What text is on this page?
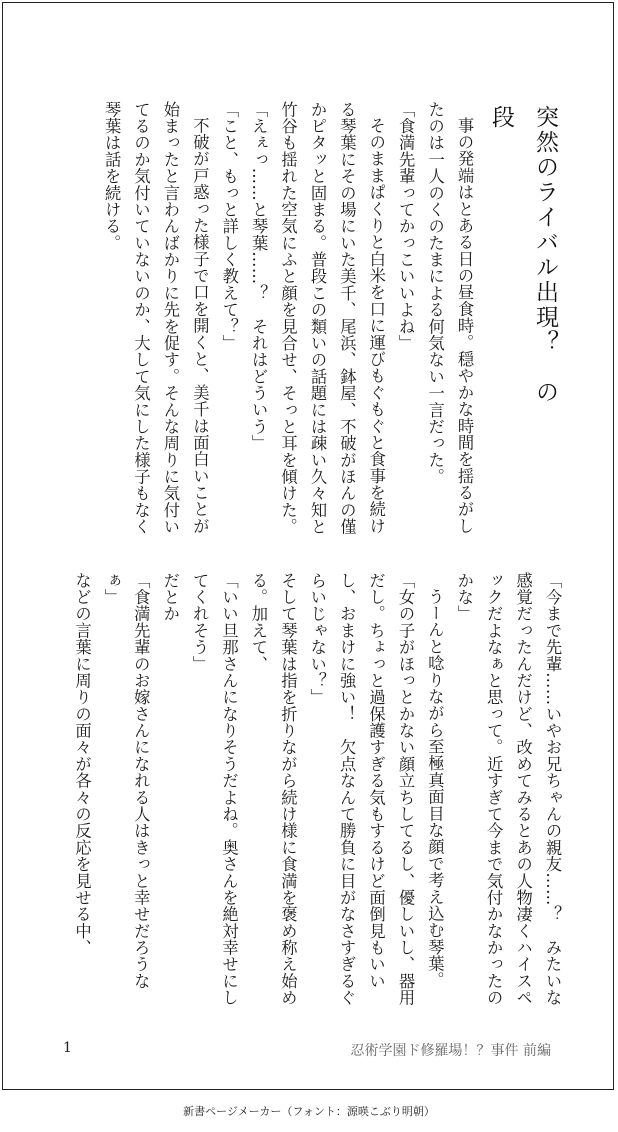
突然のライバル出現？　の段

事の発端はとある日の昼食時。穏やかな時間を揺るがしたのは一人のくのたまによる何気ない一言だった。

「食満先輩ってかっこいいよね」

そのままぱくりと白米を口に運びもぐもぐと食事を続ける琴葉にその場にいた美千、尾浜、鉢屋、不破がほんの僅かピタッと固まる。普段この類いの話題には疎い久々知と竹谷も揺れた空気にふと顔を見合せ、そっと耳を傾けた。

「えぇっ……と琴葉……？　それはどういう」

「こと、もっと詳しく教えて？」

不破が戸惑った様子で口を開くと、美千は面白いことが始まったと言わんばかりに先を促す。そんな周りに気付いてるのか気付いていないのか、大して気にした様子もなく琴葉は話を続ける。

「今まで先輩……いやお兄ちゃんの親友……？　みたいな感覚だったんだけど、改めてみるとあの人物凄くハイスペックだよなぁと思って。近すぎて今まで気付かなかったのかな」

うーんと唸りながら至極真面目な顔で考え込む琴葉。

「女の子がほっとかない顔立ちしてるし、優しいし、器用だし。ちょっと過保護すぎる気もするけど面倒見もいいし、おまけに強い！　欠点なんて勝負に目がなさすぎるぐらいじゃない？」

そして琴葉は指を折りながら続け様に食満を褒め称え始める。加えて、

「いい旦那さんになりそうだよね。奥さんを絶対幸せにしてくれそう」

だとか

「食満先輩のお嫁さんになれる人はきっと幸せだろうなぁ」

などの言葉に周りの面々が各々の反応を見せる中、

1	忍術学園ド修羅場！？事件 前編
新書ページメーカー（フォント：源暎こぶり明朝）
